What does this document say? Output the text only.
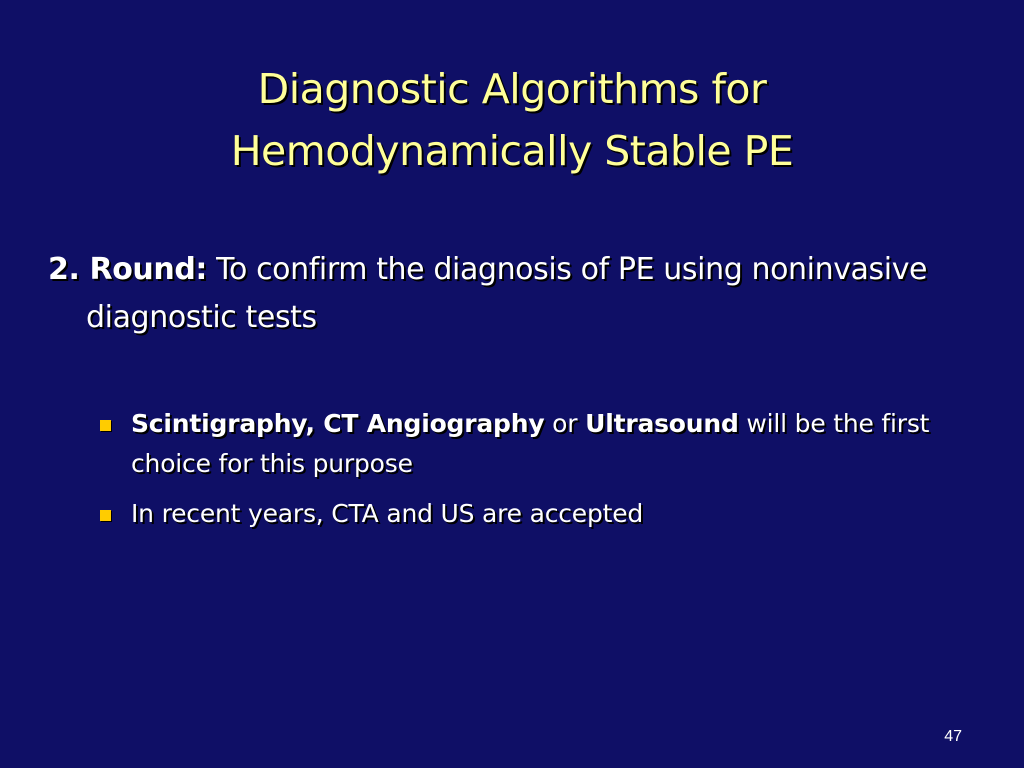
Diagnostic Algorithms for
Hemodynamically Stable PE
2. Round: To confirm the diagnosis of PE using noninvasive diagnostic tests
Scintigraphy, CT Angiography or Ultrasound will be the first choice for this purpose
In recent years, CTA and US are accepted
47
